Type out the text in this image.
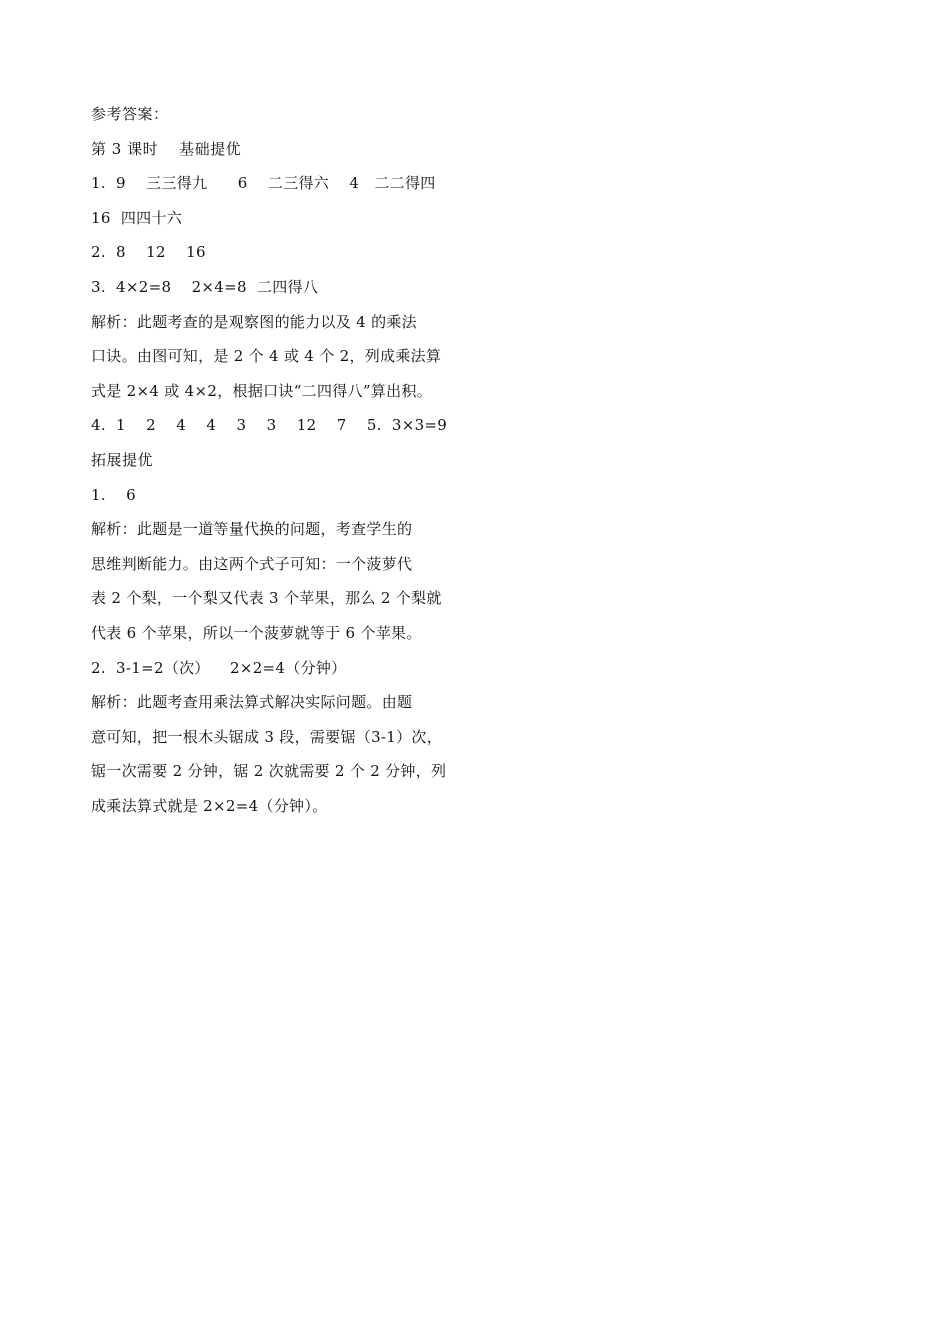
参考答案：
第 3 课时    基础提优
1.  9    三三得九      6    二三得六    4   二二得四
16  四四十六
2.  8    12    16
3.  4×2=8    2×4=8  二四得八
解析：此题考查的是观察图的能力以及 4 的乘法
口诀。由图可知，是 2 个 4 或 4 个 2，列成乘法算
式是 2×4 或 4×2，根据口诀“二四得八”算出积。
4.  1    2    4    4    3    3    12    7    5.  3×3=9
拓展提优
1.    6
解析：此题是一道等量代换的问题，考查学生的
思维判断能力。由这两个式子可知：一个菠萝代
表 2 个梨，一个梨又代表 3 个苹果，那么 2 个梨就
代表 6 个苹果，所以一个菠萝就等于 6 个苹果。
2.  3-1=2（次）    2×2=4（分钟）
解析：此题考查用乘法算式解决实际问题。由题
意可知，把一根木头锯成 3 段，需要锯（3-1）次，
锯一次需要 2 分钟，锯 2 次就需要 2 个 2 分钟，列
成乘法算式就是 2×2=4（分钟）。
